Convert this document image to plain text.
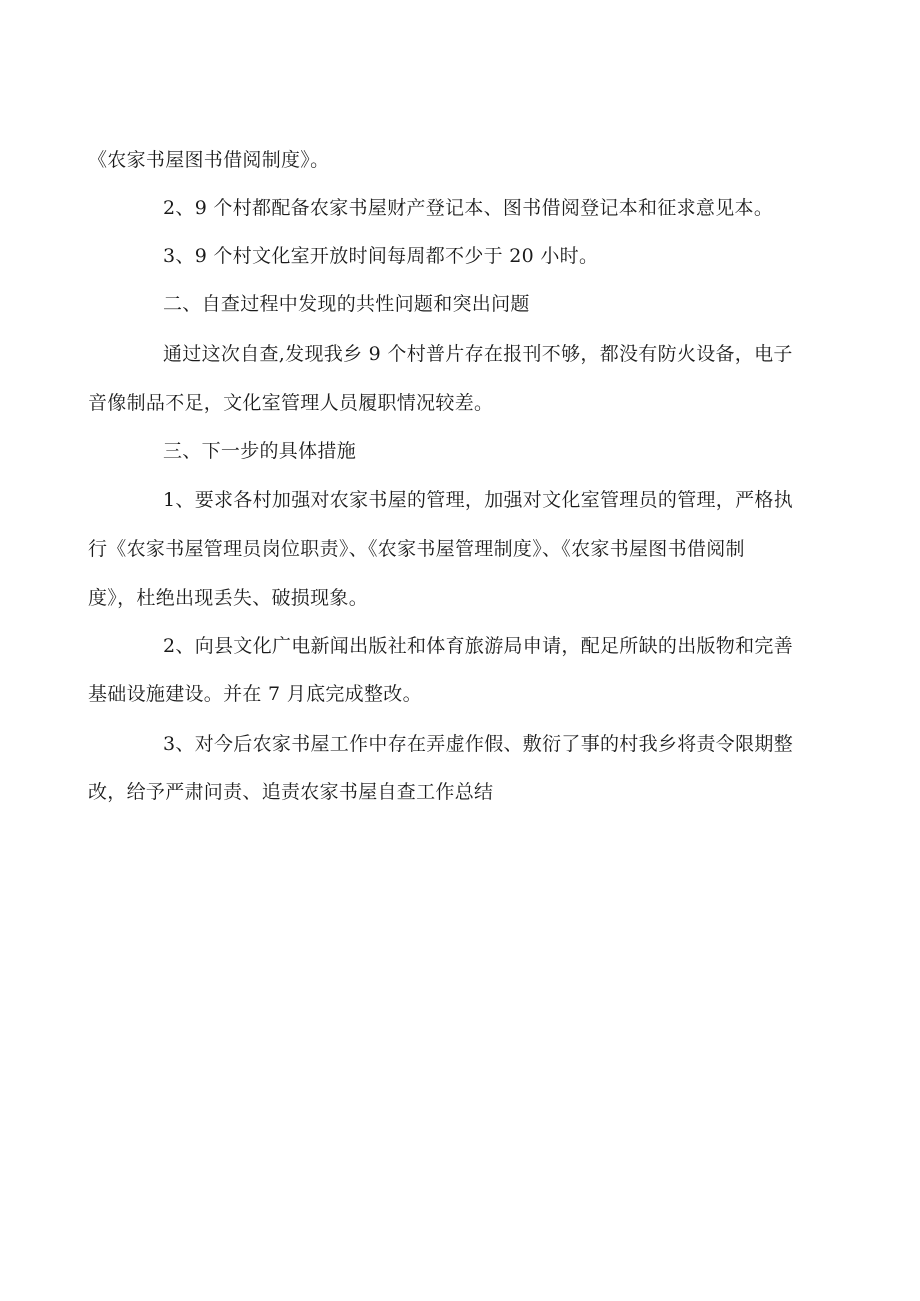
《农家书屋图书借阅制度》。

2、9 个村都配备农家书屋财产登记本、图书借阅登记本和征求意见本。

3、9 个村文化室开放时间每周都不少于 20 小时。

二、自查过程中发现的共性问题和突出问题

通过这次自查,发现我乡 9 个村普片存在报刊不够，都没有防火设备，电子

音像制品不足，文化室管理人员履职情况较差。

三、下一步的具体措施

1、要求各村加强对农家书屋的管理，加强对文化室管理员的管理，严格执

行《农家书屋管理员岗位职责》、《农家书屋管理制度》、《农家书屋图书借阅制

度》，杜绝出现丢失、破损现象。

2、向县文化广电新闻出版社和体育旅游局申请，配足所缺的出版物和完善

基础设施建设。并在 7 月底完成整改。

3、对今后农家书屋工作中存在弄虚作假、敷衍了事的村我乡将责令限期整

改，给予严肃问责、追责农家书屋自查工作总结
